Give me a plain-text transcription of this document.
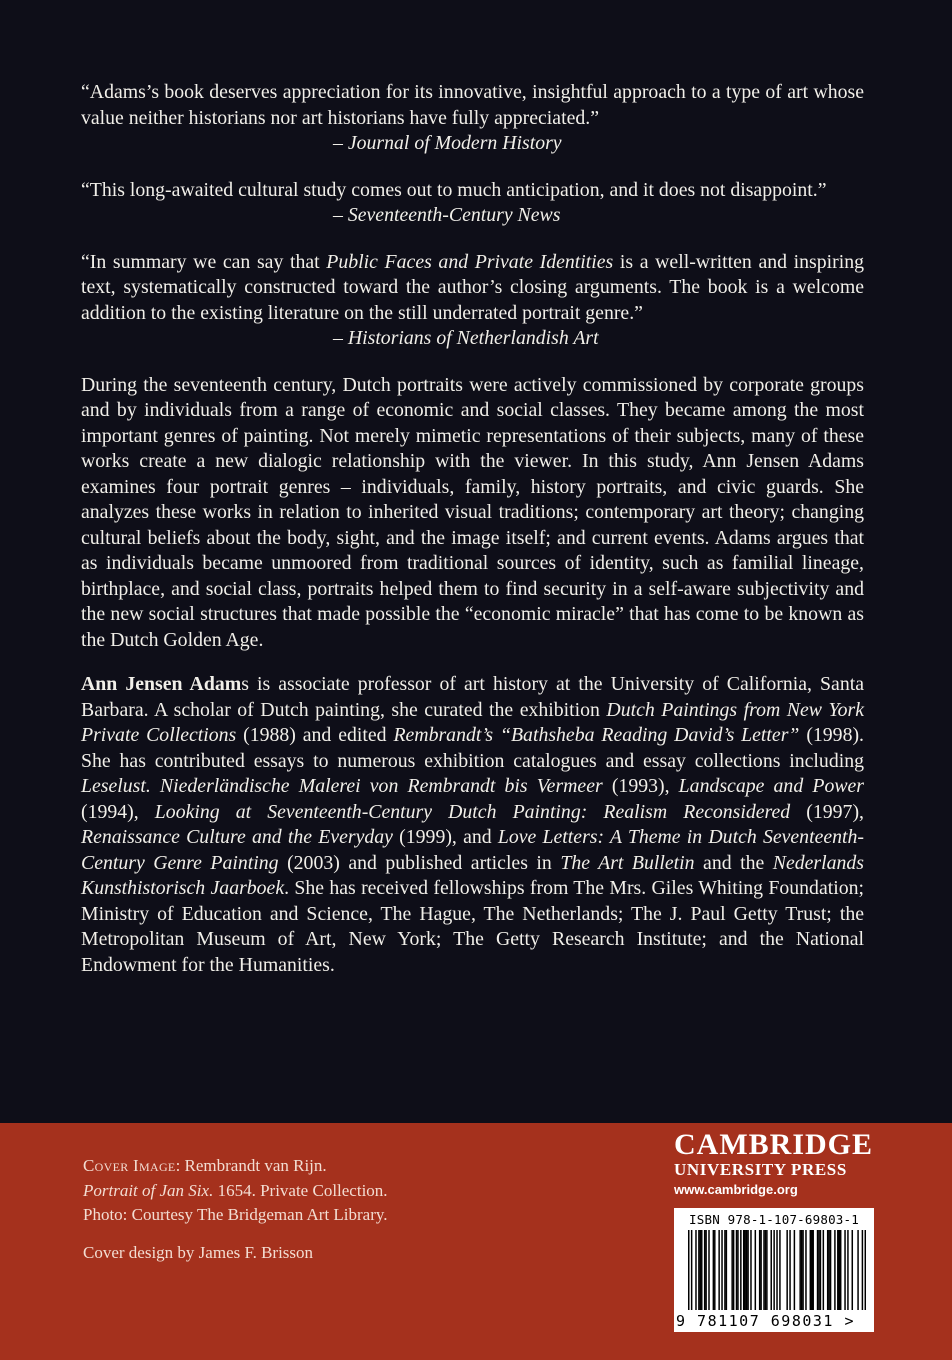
“Adams’s book deserves appreciation for its innovative, insightful approach to a type of art whose value neither historians nor art historians have fully appreciated.”

– Journal of Modern History

“This long-awaited cultural study comes out to much anticipation, and it does not disappoint.”

– Seventeenth-Century News

“In summary we can say that Public Faces and Private Identities is a well-written and inspiring text, systematically constructed toward the author’s closing arguments. The book is a welcome addition to the existing literature on the still underrated portrait genre.”

– Historians of Netherlandish Art

During the seventeenth century, Dutch portraits were actively commissioned by corporate groups and by individuals from a range of economic and social classes. They became among the most important genres of painting. Not merely mimetic representations of their subjects, many of these works create a new dialogic relationship with the viewer. In this study, Ann Jensen Adams examines four portrait genres – individuals, family, history portraits, and civic guards. She analyzes these works in relation to inherited visual traditions; contemporary art theory; changing cultural beliefs about the body, sight, and the image itself; and current events. Adams argues that as individuals became unmoored from traditional sources of identity, such as familial lineage, birthplace, and social class, portraits helped them to find security in a self-aware subjectivity and the new social structures that made possible the “economic miracle” that has come to be known as the Dutch Golden Age.

Ann Jensen Adams is associate professor of art history at the University of California, Santa Barbara. A scholar of Dutch painting, she curated the exhibition Dutch Paintings from New York Private Collections (1988) and edited Rembrandt’s “Bathsheba Reading David’s Letter” (1998). She has contributed essays to numerous exhibition catalogues and essay collections including Leselust. Niederländische Malerei von Rembrandt bis Vermeer (1993), Landscape and Power (1994), Looking at Seventeenth-Century Dutch Painting: Realism Reconsidered (1997), Renaissance Culture and the Everyday (1999), and Love Letters: A Theme in Dutch Seventeenth-Century Genre Painting (2003) and published articles in The Art Bulletin and the Nederlands Kunsthistorisch Jaarboek. She has received fellowships from The Mrs. Giles Whiting Foundation; Ministry of Education and Science, The Hague, The Netherlands; The J. Paul Getty Trust; the Metropolitan Museum of Art, New York; The Getty Research Institute; and the National Endowment for the Humanities.

Cover Image: Rembrandt van Rijn.
Portrait of Jan Six. 1654. Private Collection.
Photo: Courtesy The Bridgeman Art Library.
Cover design by James F. Brisson
CAMBRIDGE
UNIVERSITY PRESS
www.cambridge.org
ISBN 978-1-107-69803-1
9 781107 698031 >
